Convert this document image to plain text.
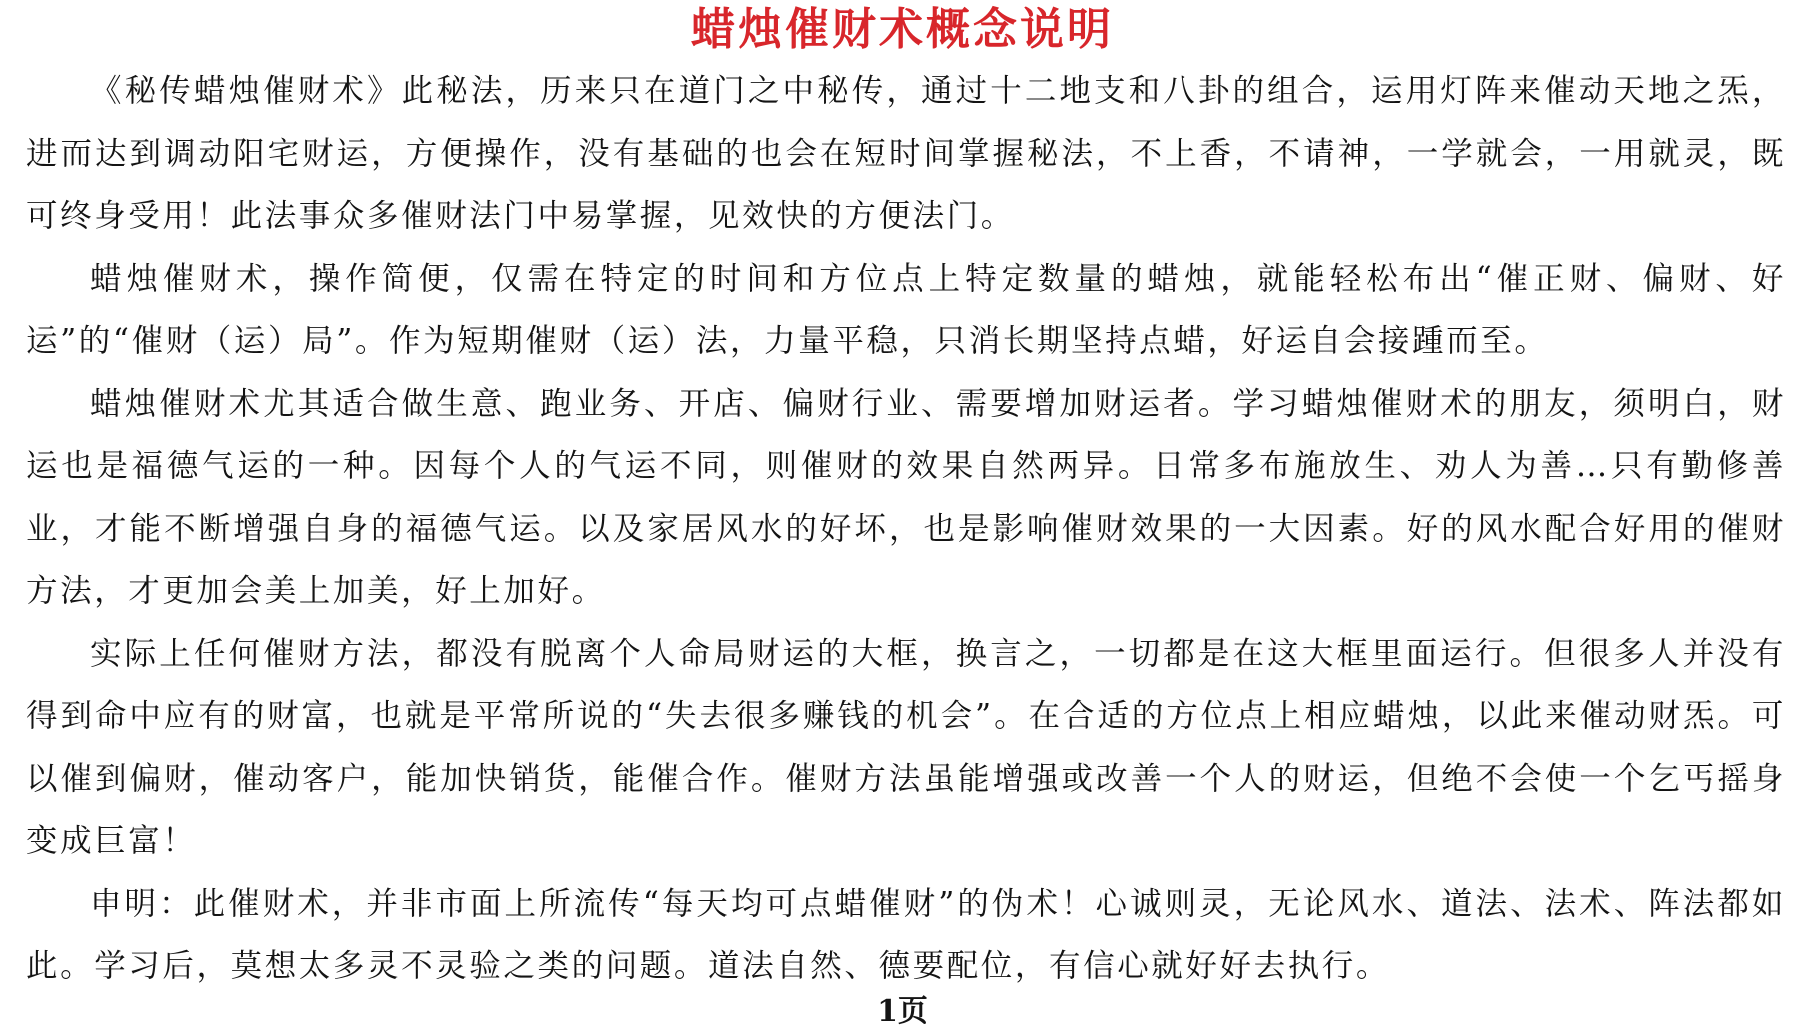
蜡烛催财术概念说明

《秘传蜡烛催财术》此秘法，历来只在道门之中秘传，通过十二地支和八卦的组合，运用灯阵来催动天地之炁，进而达到调动阳宅财运，方便操作，没有基础的也会在短时间掌握秘法，不上香，不请神，一学就会，一用就灵，既可终身受用！此法事众多催财法门中易掌握，见效快的方便法门。

蜡烛催财术，操作简便，仅需在特定的时间和方位点上特定数量的蜡烛，就能轻松布出“催正财、偏财、好运”的“催财（运）局”。作为短期催财（运）法，力量平稳，只消长期坚持点蜡，好运自会接踵而至。

蜡烛催财术尤其适合做生意、跑业务、开店、偏财行业、需要增加财运者。学习蜡烛催财术的朋友，须明白，财运也是福德气运的一种。因每个人的气运不同，则催财的效果自然两异。日常多布施放生、劝人为善…只有勤修善业，才能不断增强自身的福德气运。以及家居风水的好坏，也是影响催财效果的一大因素。好的风水配合好用的催财方法，才更加会美上加美，好上加好。

实际上任何催财方法，都没有脱离个人命局财运的大框，换言之，一切都是在这大框里面运行。但很多人并没有得到命中应有的财富，也就是平常所说的“失去很多赚钱的机会”。在合适的方位点上相应蜡烛，以此来催动财炁。可以催到偏财，催动客户，能加快销货，能催合作。催财方法虽能增强或改善一个人的财运，但绝不会使一个乞丐摇身变成巨富！

申明：此催财术，并非市面上所流传“每天均可点蜡催财”的伪术！心诚则灵，无论风水、道法、法术、阵法都如此。学习后，莫想太多灵不灵验之类的问题。道法自然、德要配位，有信心就好好去执行。

1页
